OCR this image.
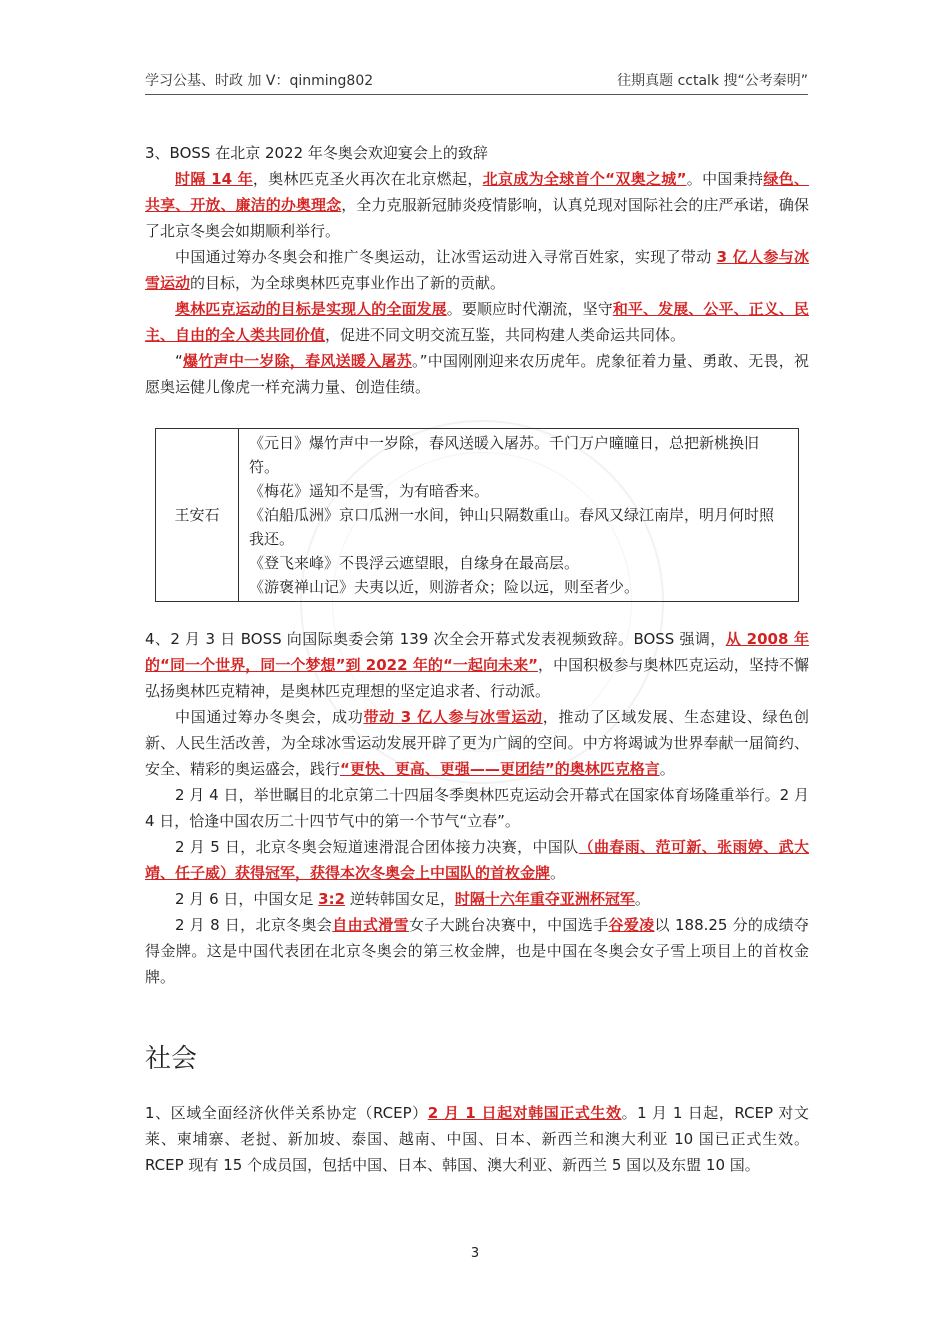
学习公基、时政 加 V：qinming802	往期真题 cctalk 搜“公考秦明”

3、BOSS 在北京 2022 年冬奥会欢迎宴会上的致辞

时隔 14 年，奥林匹克圣火再次在北京燃起，北京成为全球首个“双奥之城”。中国秉持绿色、共享、开放、廉洁的办奥理念，全力克服新冠肺炎疫情影响，认真兑现对国际社会的庄严承诺，确保了北京冬奥会如期顺利举行。

中国通过筹办冬奥会和推广冬奥运动，让冰雪运动进入寻常百姓家，实现了带动 3 亿人参与冰雪运动的目标，为全球奥林匹克事业作出了新的贡献。

奥林匹克运动的目标是实现人的全面发展。要顺应时代潮流，坚守和平、发展、公平、正义、民主、自由的全人类共同价值，促进不同文明交流互鉴，共同构建人类命运共同体。

“爆竹声中一岁除，春风送暖入屠苏。”中国刚刚迎来农历虎年。虎象征着力量、勇敢、无畏，祝愿奥运健儿像虎一样充满力量、创造佳绩。

王安石	
《元日》爆竹声中一岁除，春风送暖入屠苏。千门万户曈曈日，总把新桃换旧符。
《梅花》遥知不是雪，为有暗香来。
《泊船瓜洲》京口瓜洲一水间，钟山只隔数重山。春风又绿江南岸，明月何时照我还。
《登飞来峰》不畏浮云遮望眼，自缘身在最高层。
《游褒禅山记》夫夷以近，则游者众；险以远，则至者少。

4、2 月 3 日 BOSS 向国际奥委会第 139 次全会开幕式发表视频致辞。BOSS 强调，从 2008 年的“同一个世界，同一个梦想”到 2022 年的“一起向未来”，中国积极参与奥林匹克运动，坚持不懈弘扬奥林匹克精神，是奥林匹克理想的坚定追求者、行动派。

中国通过筹办冬奥会，成功带动 3 亿人参与冰雪运动，推动了区域发展、生态建设、绿色创新、人民生活改善，为全球冰雪运动发展开辟了更为广阔的空间。中方将竭诚为世界奉献一届简约、安全、精彩的奥运盛会，践行“更快、更高、更强——更团结”的奥林匹克格言。

2 月 4 日，举世瞩目的北京第二十四届冬季奥林匹克运动会开幕式在国家体育场隆重举行。2 月 4 日，恰逢中国农历二十四节气中的第一个节气“立春”。

2 月 5 日，北京冬奥会短道速滑混合团体接力决赛，中国队（曲春雨、范可新、张雨婷、武大靖、任子威）获得冠军，获得本次冬奥会上中国队的首枚金牌。

2 月 6 日，中国女足 3:2 逆转韩国女足，时隔十六年重夺亚洲杯冠军。

2 月 8 日，北京冬奥会自由式滑雪女子大跳台决赛中，中国选手谷爱凌以 188.25 分的成绩夺得金牌。这是中国代表团在北京冬奥会的第三枚金牌，也是中国在冬奥会女子雪上项目上的首枚金牌。

社会

1、区域全面经济伙伴关系协定（RCEP）2 月 1 日起对韩国正式生效。1 月 1 日起，RCEP 对文莱、柬埔寨、老挝、新加坡、泰国、越南、中国、日本、新西兰和澳大利亚 10 国已正式生效。RCEP 现有 15 个成员国，包括中国、日本、韩国、澳大利亚、新西兰 5 国以及东盟 10 国。

3
